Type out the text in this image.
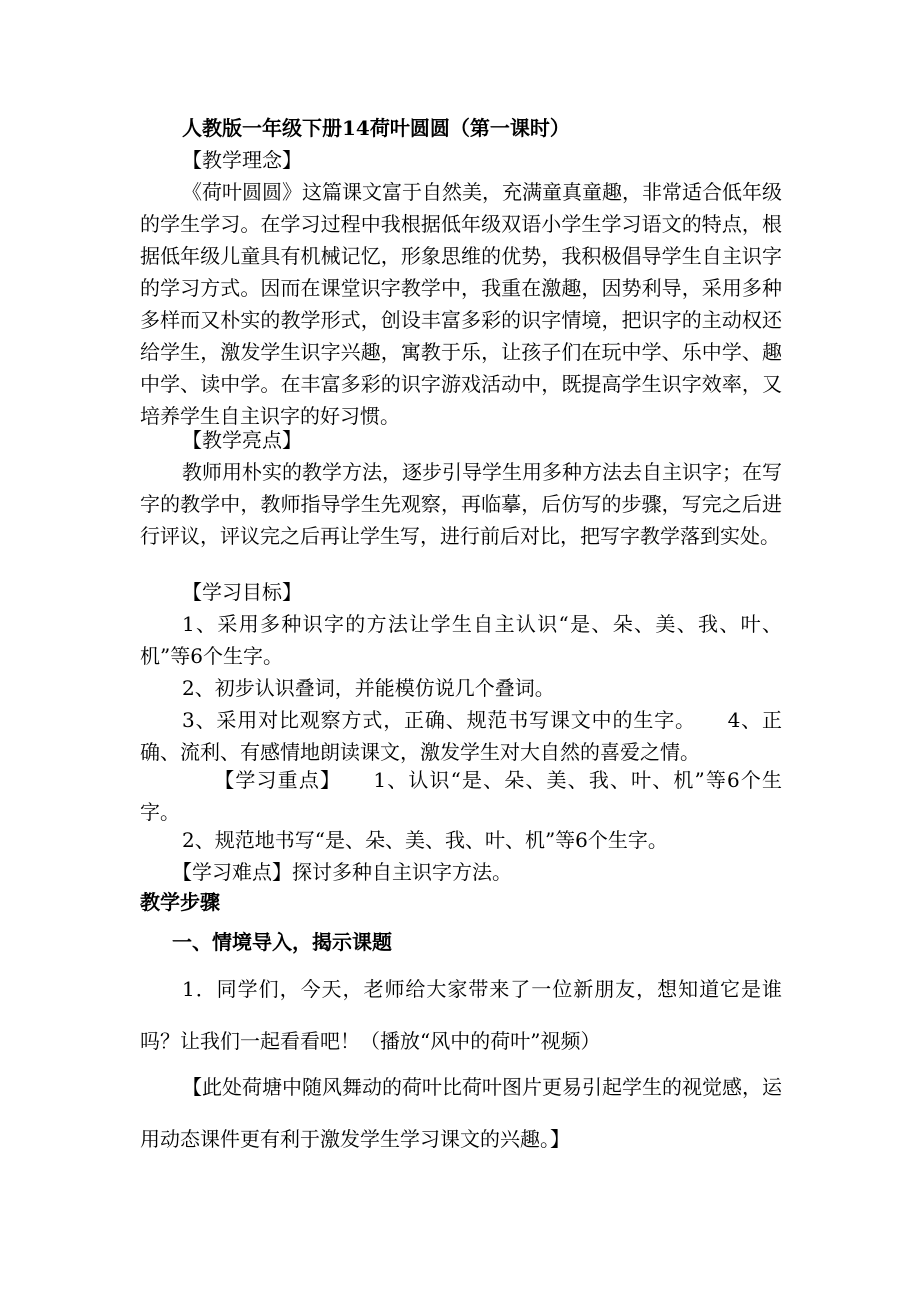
人教版一年级下册14荷叶圆圆（第一课时）

【教学理念】

《荷叶圆圆》这篇课文富于自然美，充满童真童趣，非常适合低年级的学生学习。在学习过程中我根据低年级双语小学生学习语文的特点，根据低年级儿童具有机械记忆，形象思维的优势，我积极倡导学生自主识字的学习方式。因而在课堂识字教学中，我重在激趣，因势利导，采用多种多样而又朴实的教学形式，创设丰富多彩的识字情境，把识字的主动权还给学生，激发学生识字兴趣，寓教于乐，让孩子们在玩中学、乐中学、趣中学、读中学。在丰富多彩的识字游戏活动中，既提高学生识字效率，又培养学生自主识字的好习惯。

【教学亮点】

教师用朴实的教学方法，逐步引导学生用多种方法去自主识字；在写字的教学中，教师指导学生先观察，再临摹，后仿写的步骤，写完之后进行评议，评议完之后再让学生写，进行前后对比，把写字教学落到实处。

【学习目标】

1、采用多种识字的方法让学生自主认识“是、朵、美、我、叶、机”等6个生字。

2、初步认识叠词，并能模仿说几个叠词。

3、采用对比观察方式，正确、规范书写课文中的生字。　　4、正确、流利、有感情地朗读课文，激发学生对大自然的喜爱之情。

　　【学习重点】　　1、认识“是、朵、美、我、叶、机”等6个生字。

2、规范地书写“是、朵、美、我、叶、机”等6个生字。

【学习难点】探讨多种自主识字方法。

教学步骤

一、情境导入，揭示课题

1．同学们，今天，老师给大家带来了一位新朋友，想知道它是谁吗？让我们一起看看吧！（播放“风中的荷叶”视频）

【此处荷塘中随风舞动的荷叶比荷叶图片更易引起学生的视觉感，运用动态课件更有利于激发学生学习课文的兴趣。】
